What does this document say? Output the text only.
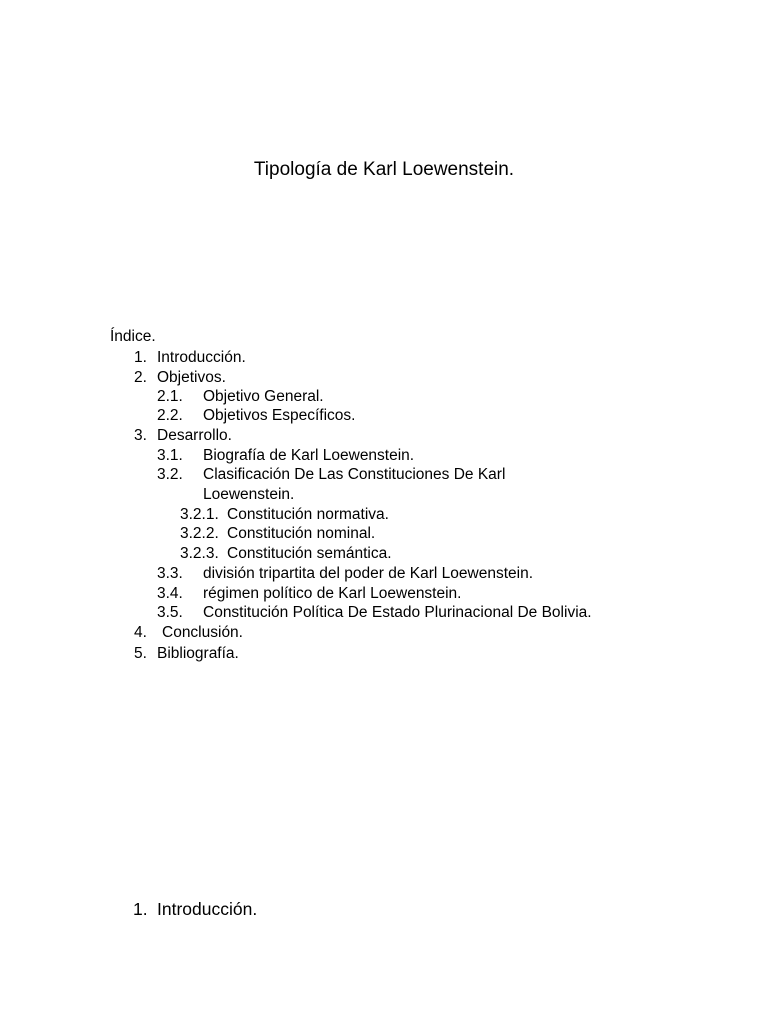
Tipología de Karl Loewenstein.
Índice.
1. Introducción.
2. Objetivos.
2.1. Objetivo General.
2.2. Objetivos Específicos.
3. Desarrollo.
3.1. Biografía de Karl Loewenstein.
3.2. Clasificación De Las Constituciones De Karl
Loewenstein.
3.2.1. Constitución normativa.
3.2.2. Constitución nominal.
3.2.3. Constitución semántica.
3.3. división tripartita del poder de Karl Loewenstein.
3.4. régimen político de Karl Loewenstein.
3.5. Constitución Política De Estado Plurinacional De Bolivia.
4. Conclusión.
5. Bibliografía.
1. Introducción.
